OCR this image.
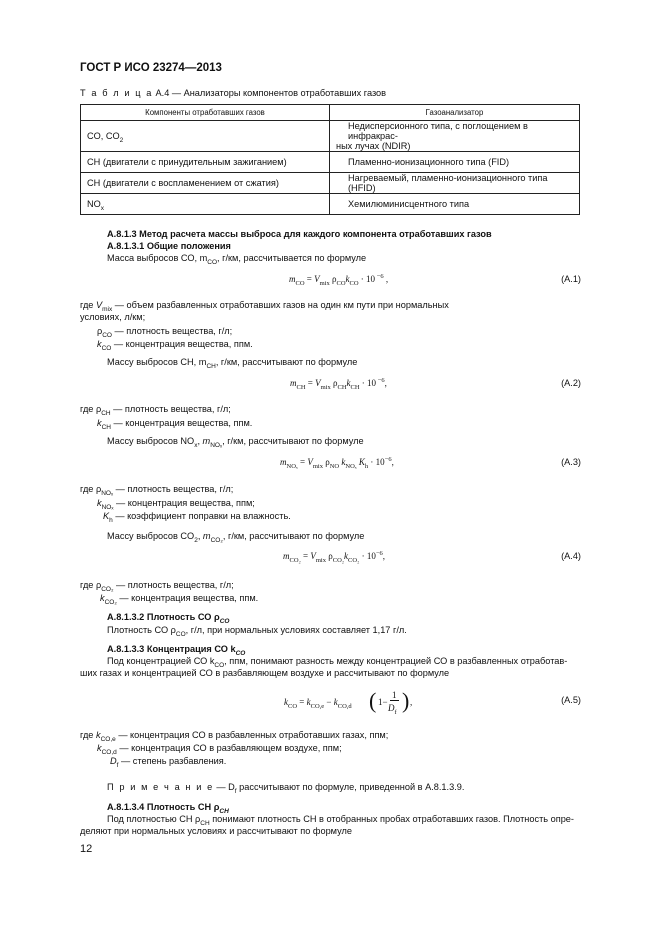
ГОСТ Р ИСО 23274—2013
Т а б л и ц а А.4 — Анализаторы компонентов отработавших газов
Компоненты отработавших газов	Газоанализатор
CO, $CO_2$	Недисперсионного типа, с поглощением в инфракрас-
ных лучах (NDIR)

CH (двигатели с принудительным зажиганием)	Пламенно-ионизационного типа (FID)
CH (двигатели с воспламенением от сжатия)	Нагреваемый, пламенно-ионизационного типа (HFID)
$NO_x$	Хемилюминисцентного типа
А.8.1.3 Метод расчета массы выброса для каждого компонента отработавших газов
А.8.1.3.1 Общие положения
Масса выбросов СО, $m_{CO}$, г/км, рассчитывается по формуле
$m_{CO} = V_{mix}$ $\rho_{CO}k_{CO} \cdot 10$ $^{-6}$ ,	(А.1)
где $V_{mix}$ — объем разбавленных отработавших газов на один км пути при нормальных
условиях, л/км;
$\rho_{CO}$ — плотность вещества, г/л;
$k_{CO}$ — концентрация вещества, ппм.
Массу выбросов СН, $m_{CH}$, г/км, рассчитывают по формуле
$m_{CH} = V_{mix}$ $\rho_{CH}k_{CH} \cdot 10$ $^{-6}$,	(А.2)
где $\rho_{CH}$ — плотность вещества, г/л;
$k_{CH}$ — концентрация вещества, ппм.
Массу выбросов $NO_x$, $m_{NO_x}$, г/км, рассчитывают по формуле
$m_{NO_x} = V_{mix}$ $\rho_{NO}$ $k_{NO_x}$ $K_h \cdot 10^{-6}$,	(А.3)
где $\rho_{NO_x}$ — плотность вещества, г/л;
$k_{NO_x}$ — концентрация вещества, ппм;
$K_h$ — коэффициент поправки на влажность.
Массу выбросов $CO_2$, $m_{CO_2}$, г/км, рассчитывают по формуле
$m_{CO_2} = V_{mix}$ $\rho_{CO_2}k_{CO_2} \cdot 10^{-6}$,	(А.4)
где $\rho_{CO_2}$ — плотность вещества, г/л;
$k_{CO_2}$ — концентрация вещества, ппм.
А.8.1.3.2 Плотность СО $\rho_{CO}$
Плотность СО $\rho_{CO}$, г/л, при нормальных условиях составляет 1,17 г/л.
А.8.1.3.3 Концентрация СО $k_{CO}$
Под концентрацией СО $k_{CO}$, ппм, понимают разность между концентрацией СО в разбавленных отработав-
ших газах и концентрацией СО в разбавляющем воздухе и рассчитывают по формуле
$k_{CO} = k_{CO,e} - k_{CO,d}$ ( 1−
1
$D_f$ ) ,	(А.5)
где $k_{CO,e}$ — концентрация СО в разбавленных отработавших газах, ппм;
$k_{CO,d}$ — концентрация СО в разбавляющем воздухе, ппм;
$D_f$ — степень разбавления.
П р и м е ч а н и е — $D_f$ рассчитывают по формуле, приведенной в А.8.1.3.9.
А.8.1.3.4 Плотность СН $\rho_{CH}$
Под плотностью СН $\rho_{CH}$ понимают плотность СН в отобранных пробах отработавших газов. Плотность опре-
деляют при нормальных условиях и рассчитывают по формуле
12
